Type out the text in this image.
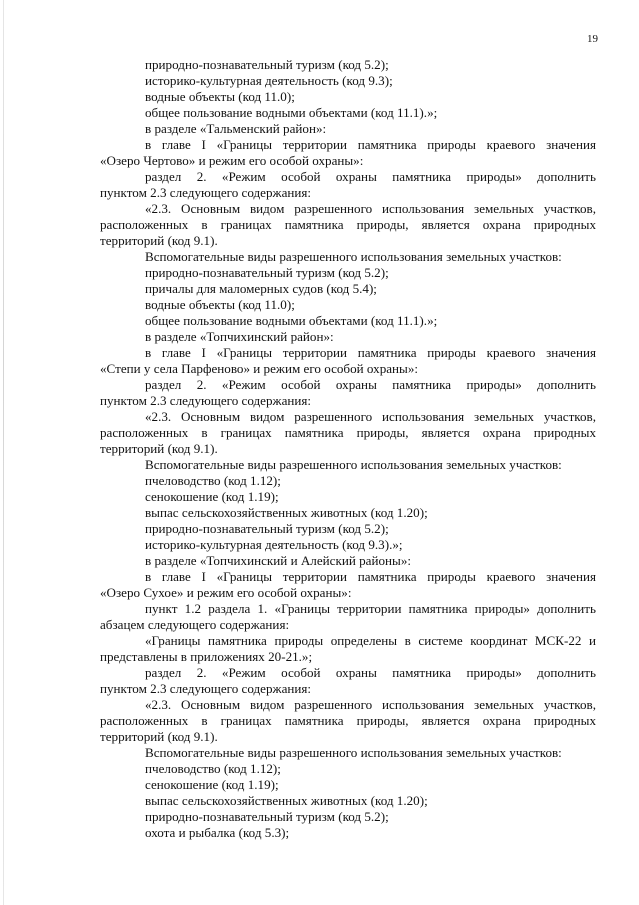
19
природно-познавательный туризм (код 5.2);
историко-культурная деятельность (код 9.3);
водные объекты (код 11.0);
общее пользование водными объектами (код 11.1).»;
в разделе «Тальменский район»:
в главе I «Границы территории памятника природы краевого значения
«Озеро Чертово» и режим его особой охраны»:
раздел 2. «Режим особой охраны памятника природы» дополнить
пунктом 2.3 следующего содержания:
«2.3. Основным видом разрешенного использования земельных участков,
расположенных в границах памятника природы, является охрана природных
территорий (код 9.1).
Вспомогательные виды разрешенного использования земельных участков:
природно-познавательный туризм (код 5.2);
причалы для маломерных судов (код 5.4);
водные объекты (код 11.0);
общее пользование водными объектами (код 11.1).»;
в разделе «Топчихинский район»:
в главе I «Границы территории памятника природы краевого значения
«Степи у села Парфеново» и режим его особой охраны»:
раздел 2. «Режим особой охраны памятника природы» дополнить
пунктом 2.3 следующего содержания:
«2.3. Основным видом разрешенного использования земельных участков,
расположенных в границах памятника природы, является охрана природных
территорий (код 9.1).
Вспомогательные виды разрешенного использования земельных участков:
пчеловодство (код 1.12);
сенокошение (код 1.19);
выпас сельскохозяйственных животных (код 1.20);
природно-познавательный туризм (код 5.2);
историко-культурная деятельность (код 9.3).»;
в разделе «Топчихинский и Алейский районы»:
в главе I «Границы территории памятника природы краевого значения
«Озеро Сухое» и режим его особой охраны»:
пункт 1.2 раздела 1. «Границы территории памятника природы» дополнить
абзацем следующего содержания:
«Границы памятника природы определены в системе координат МСК-22 и
представлены в приложениях 20-21.»;
раздел 2. «Режим особой охраны памятника природы» дополнить
пунктом 2.3 следующего содержания:
«2.3. Основным видом разрешенного использования земельных участков,
расположенных в границах памятника природы, является охрана природных
территорий (код 9.1).
Вспомогательные виды разрешенного использования земельных участков:
пчеловодство (код 1.12);
сенокошение (код 1.19);
выпас сельскохозяйственных животных (код 1.20);
природно-познавательный туризм (код 5.2);
охота и рыбалка (код 5.3);
